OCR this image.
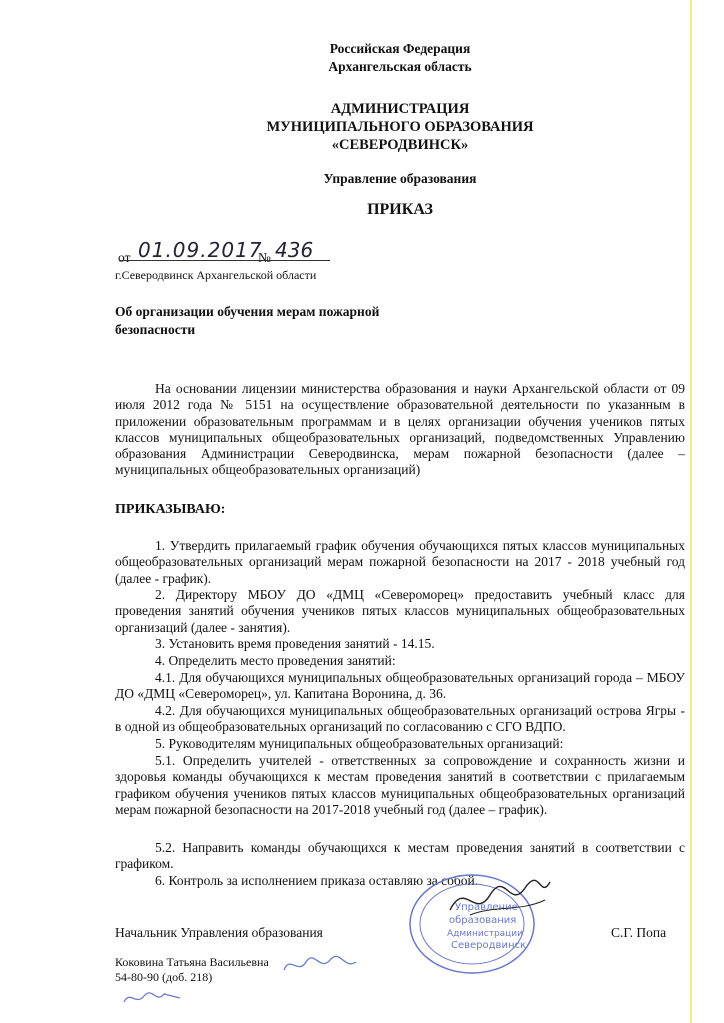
Российская Федерация
Архангельская область
АДМИНИСТРАЦИЯ
МУНИЦИПАЛЬНОГО ОБРАЗОВАНИЯ
«СЕВЕРОДВИНСК»
Управление образования
ПРИКАЗ
от 01.09.2017
№ 436
г.Северодвинск Архангельской области
Об организации обучения мерам пожарной
безопасности
На основании лицензии министерства образования и науки Архангельской области от 09 июля 2012 года № 5151 на осуществление образовательной деятельности по указанным в приложении образовательным программам и в целях организации обучения учеников пятых классов муниципальных общеобразовательных организаций, подведомственных Управлению образования Администрации Северодвинска, мерам пожарной безопасности (далее – муниципальных общеобразовательных организаций)
ПРИКАЗЫВАЮ:
1. Утвердить прилагаемый график обучения обучающихся пятых классов муниципальных общеобразовательных организаций мерам пожарной безопасности на 2017 - 2018 учебный год (далее - график).
2. Директору МБОУ ДО «ДМЦ «Североморец» предоставить учебный класс для проведения занятий обучения учеников пятых классов муниципальных общеобразовательных организаций (далее - занятия).
3. Установить время проведения занятий - 14.15.
4. Определить место проведения занятий:
4.1. Для обучающихся муниципальных общеобразовательных организаций города – МБОУ ДО «ДМЦ «Североморец», ул. Капитана Воронина, д. 36.
4.2. Для обучающихся муниципальных общеобразовательных организаций острова Ягры - в одной из общеобразовательных организаций по согласованию с СГО ВДПО.
5. Руководителям муниципальных общеобразовательных организаций:
5.1. Определить учителей - ответственных за сопровождение и сохранность жизни и здоровья команды обучающихся к местам проведения занятий в соответствии с прилагаемым графиком обучения учеников пятых классов муниципальных общеобразовательных организаций мерам пожарной безопасности на 2017-2018 учебный год (далее – график).
5.2. Направить команды обучающихся к местам проведения занятий в соответствии с графиком.
6. Контроль за исполнением приказа оставляю за собой.
Управление
образования
Администрации
Северодвинск
Начальник Управления образования	С.Г. Попа
Коковина Татьяна Васильевна
54-80-90 (доб. 218)
